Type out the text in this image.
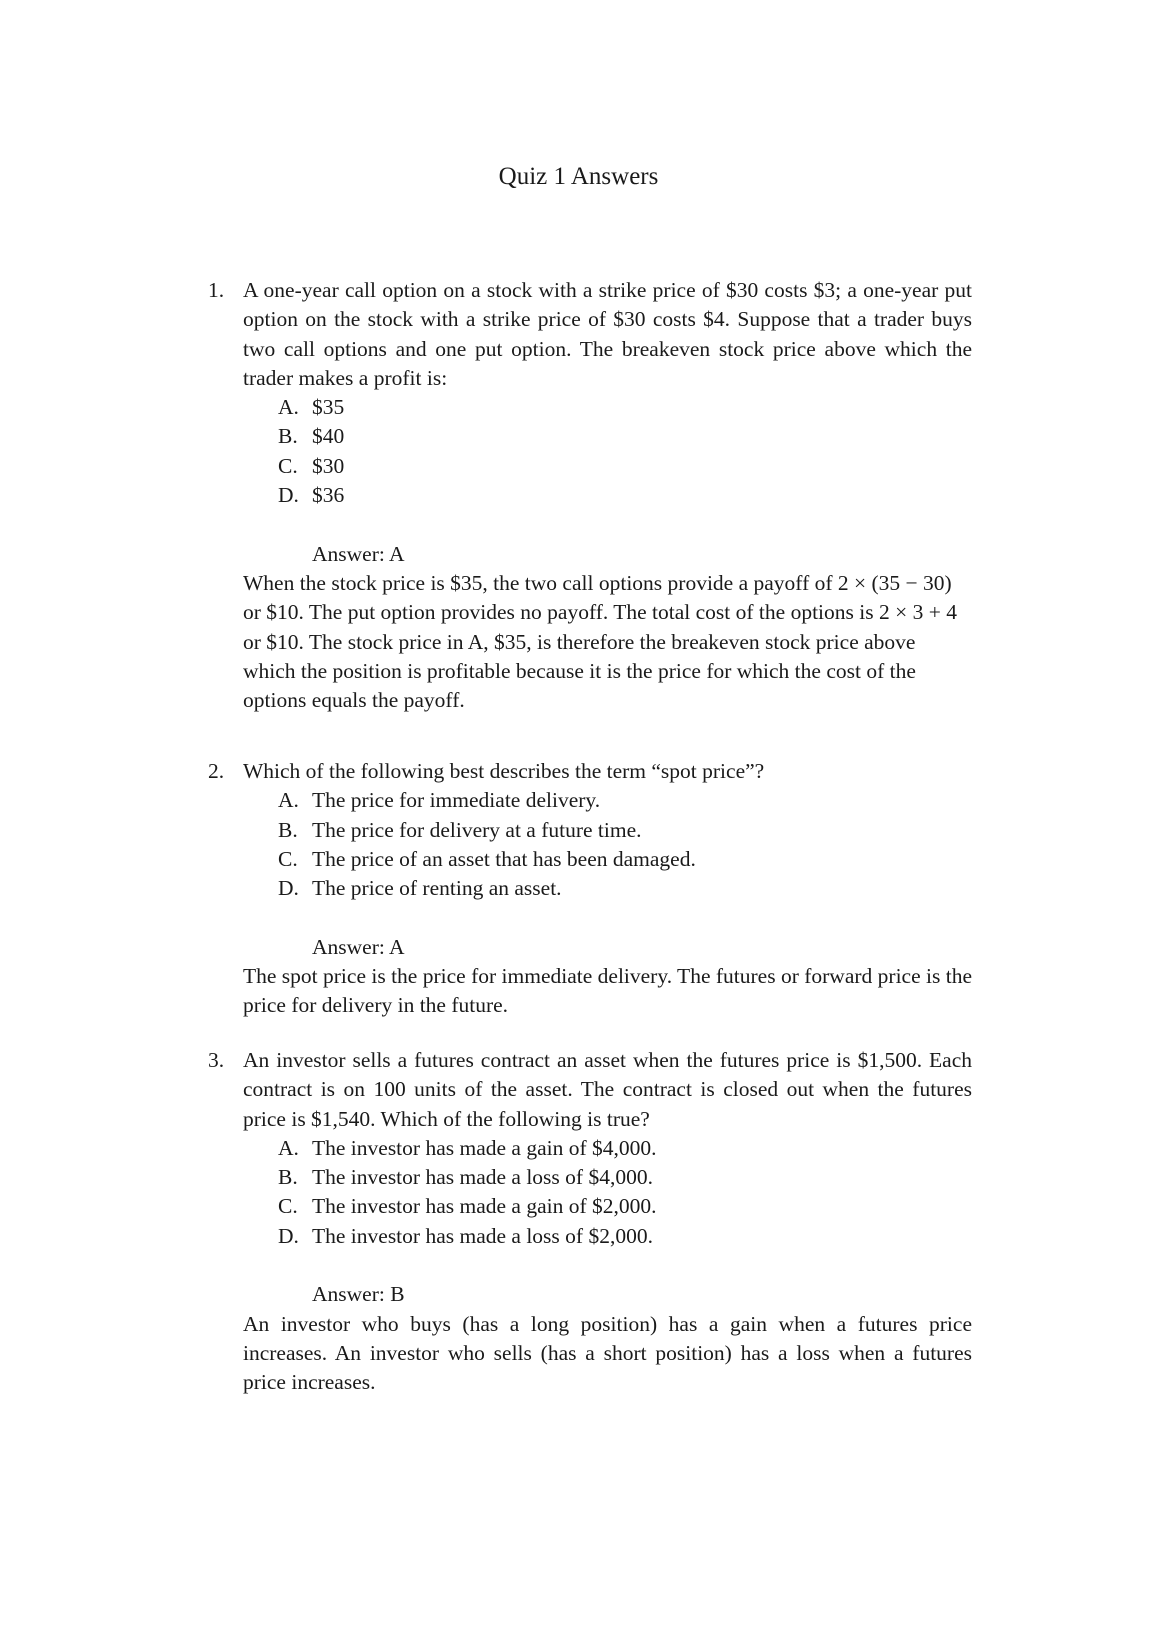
Quiz 1 Answers
1. A one-year call option on a stock with a strike price of $30 costs $3; a one-year put option on the stock with a strike price of $30 costs $4. Suppose that a trader buys two call options and one put option. The breakeven stock price above which the trader makes a profit is:
A. $35
B. $40
C. $30
D. $36
Answer: A
When the stock price is $35, the two call options provide a payoff of 2 × (35 − 30) or $10. The put option provides no payoff. The total cost of the options is 2 × 3 + 4 or $10. The stock price in A, $35, is therefore the breakeven stock price above which the position is profitable because it is the price for which the cost of the options equals the payoff.
2. Which of the following best describes the term “spot price”?
A. The price for immediate delivery.
B. The price for delivery at a future time.
C. The price of an asset that has been damaged.
D. The price of renting an asset.
Answer: A
The spot price is the price for immediate delivery. The futures or forward price is the price for delivery in the future.
3. An investor sells a futures contract an asset when the futures price is $1,500. Each contract is on 100 units of the asset. The contract is closed out when the futures price is $1,540. Which of the following is true?
A. The investor has made a gain of $4,000.
B. The investor has made a loss of $4,000.
C. The investor has made a gain of $2,000.
D. The investor has made a loss of $2,000.
Answer: B
An investor who buys (has a long position) has a gain when a futures price increases. An investor who sells (has a short position) has a loss when a futures price increases.
